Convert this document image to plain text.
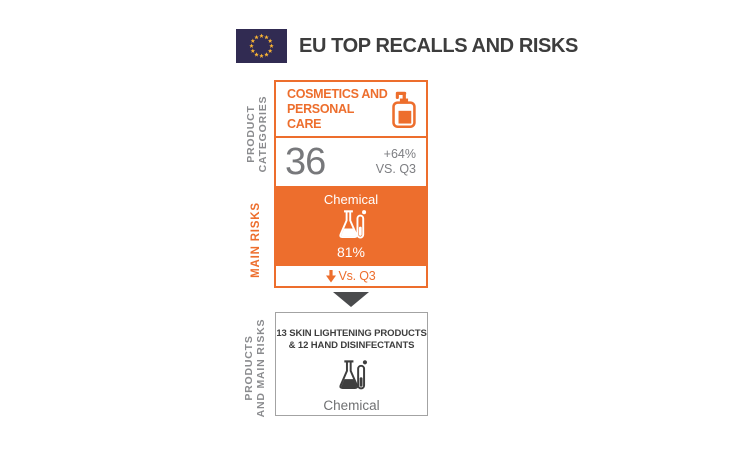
EU TOP RECALLS AND RISKS
PRODUCT CATEGORIES
MAIN RISKS
PRODUCTS AND MAIN RISKS
COSMETICS AND
PERSONAL CARE
36	+64%
VS. Q3
Chemical
81%
Vs. Q3
13 SKIN LIGHTENING PRODUCTS
& 12 HAND DISINFECTANTS
Chemical
